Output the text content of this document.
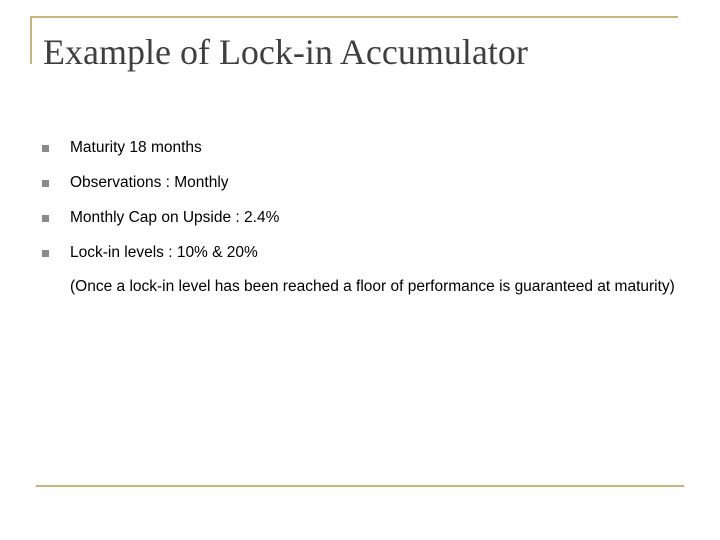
Example of Lock-in Accumulator
Maturity 18 months
Observations : Monthly
Monthly Cap on Upside : 2.4%
Lock-in levels : 10% & 20%
(Once a lock-in level has been reached a floor of performance is guaranteed at maturity)
